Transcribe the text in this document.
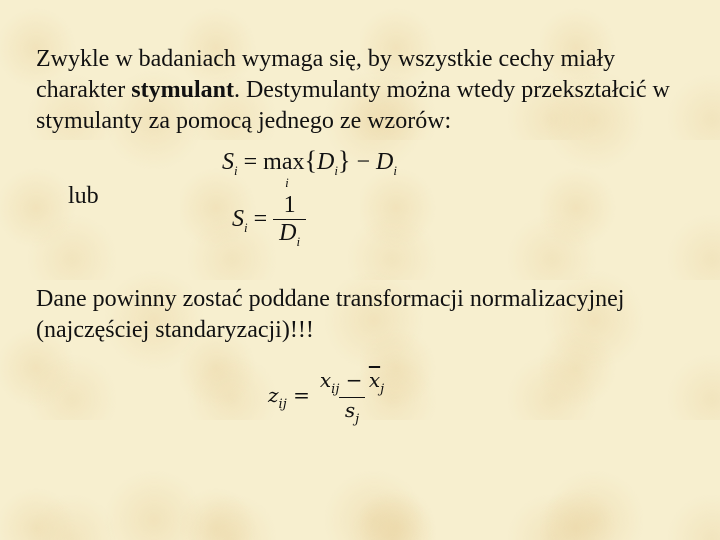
Zwykle w badaniach wymaga się, by wszystkie cechy miały charakter stymulant. Destymulanty można wtedy przekształcić w stymulanty za pomocą jednego ze wzorów:

$S_i = \max$
i
$\{D_i\} - D_i$
lub
$S_i = \frac{1}{D_i}$

Dane powinny zostać poddane transformacji normalizacyjnej (najczęściej standaryzacji)!!!

$z_{ij} = \frac{x_{ij} - \overline{x}_j}{s_j}$
